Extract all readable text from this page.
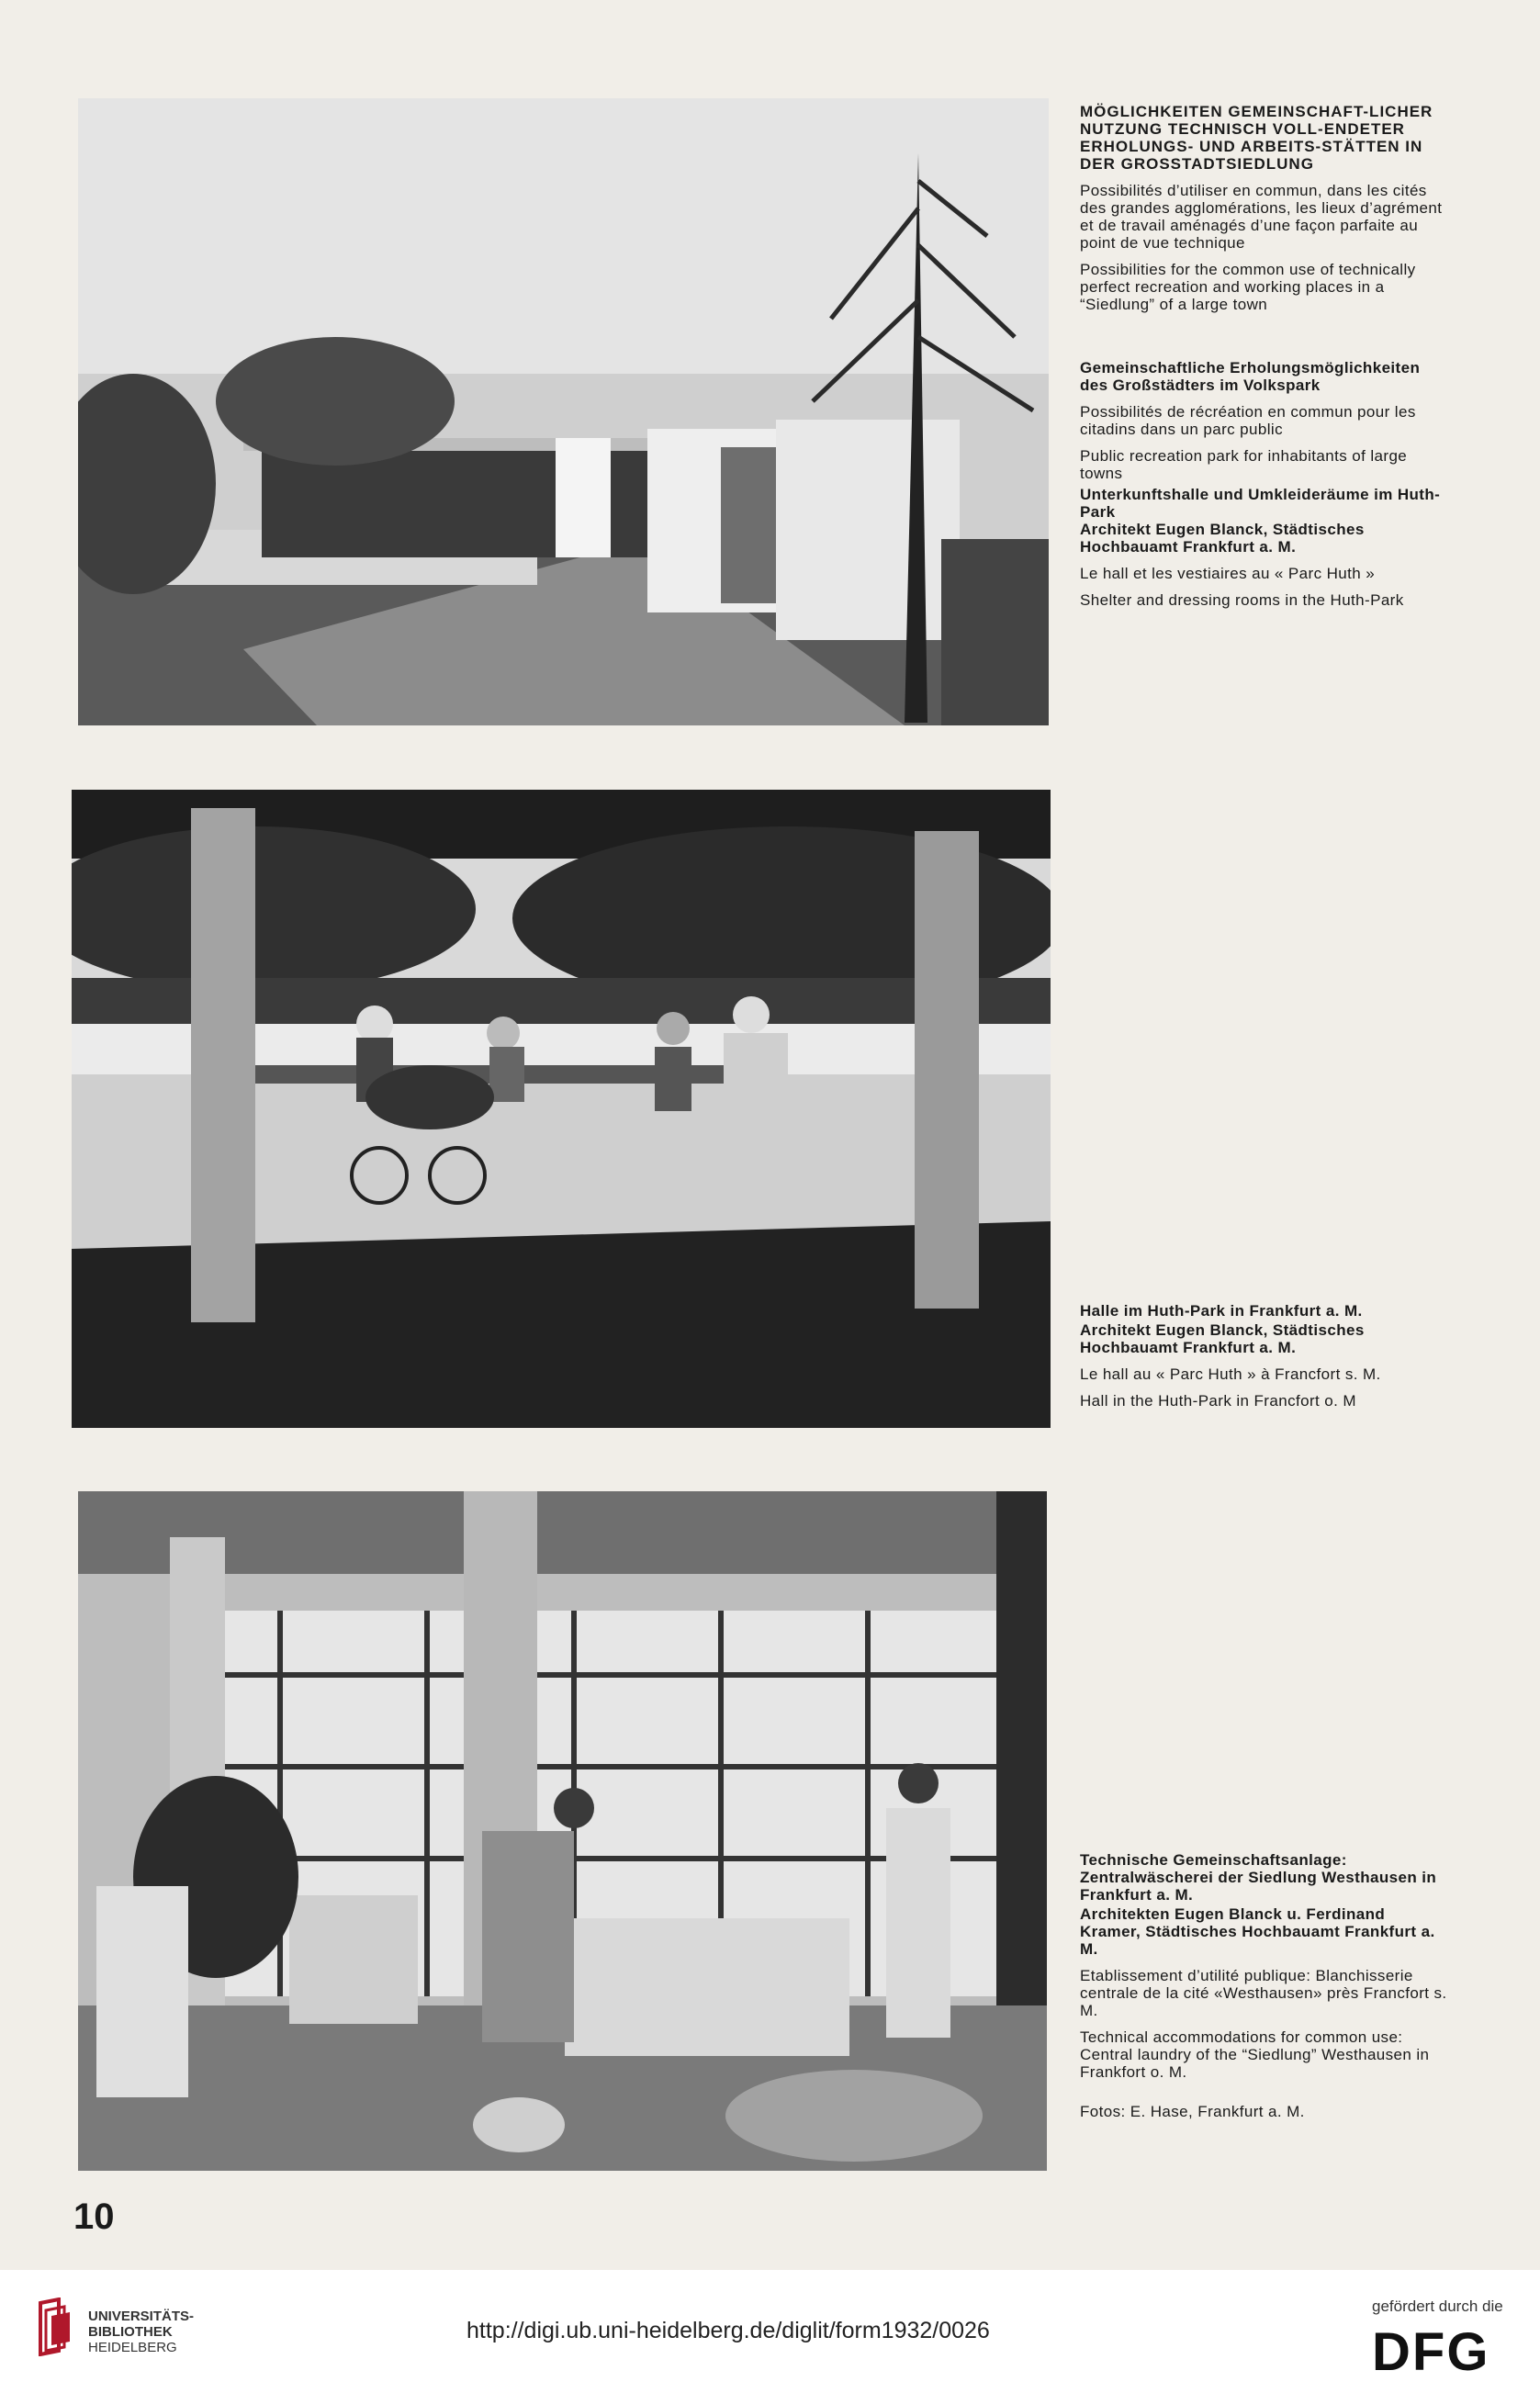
MÖGLICHKEITEN GEMEINSCHAFT-LICHER NUTZUNG TECHNISCH VOLL-ENDETER ERHOLUNGS- UND ARBEITS-STÄTTEN IN DER GROSSTADTSIEDLUNG

Possibilités d’utiliser en commun, dans les cités des grandes agglomérations, les lieux d’agrément et de travail aménagés d’une façon parfaite au point de vue technique

Possibilities for the common use of technically perfect recreation and working places in a “Siedlung” of a large town

Gemeinschaftliche Erholungsmöglichkeiten des Großstädters im Volkspark

Possibilités de récréation en commun pour les citadins dans un parc public

Public recreation park for inhabitants of large towns

Unterkunftshalle und Umkleideräume im Huth-Park

Architekt Eugen Blanck, Städtisches Hochbauamt Frankfurt a. M.

Le hall et les vestiaires au « Parc Huth »

Shelter and dressing rooms in the Huth-Park

Halle im Huth-Park in Frankfurt a. M.

Architekt Eugen Blanck, Städtisches Hochbauamt Frankfurt a. M.

Le hall au « Parc Huth » à Francfort s. M.

Hall in the Huth-Park in Francfort o. M

Technische Gemeinschaftsanlage: Zentralwäscherei der Siedlung Westhausen in Frankfurt a. M.

Architekten Eugen Blanck u. Ferdinand Kramer, Städtisches Hochbauamt Frankfurt a. M.

Etablissement d’utilité publique: Blanchisserie centrale de la cité «Westhausen» près Francfort s. M.

Technical accommodations for common use: Central laundry of the “Siedlung” Westhausen in Frankfort o. M.

Fotos: E. Hase, Frankfurt a. M.

10
UNIVERSITÄTS-
BIBLIOTHEK
HEIDELBERG
http://digi.ub.uni-heidelberg.de/diglit/form1932/0026
gefördert durch die
DFG
